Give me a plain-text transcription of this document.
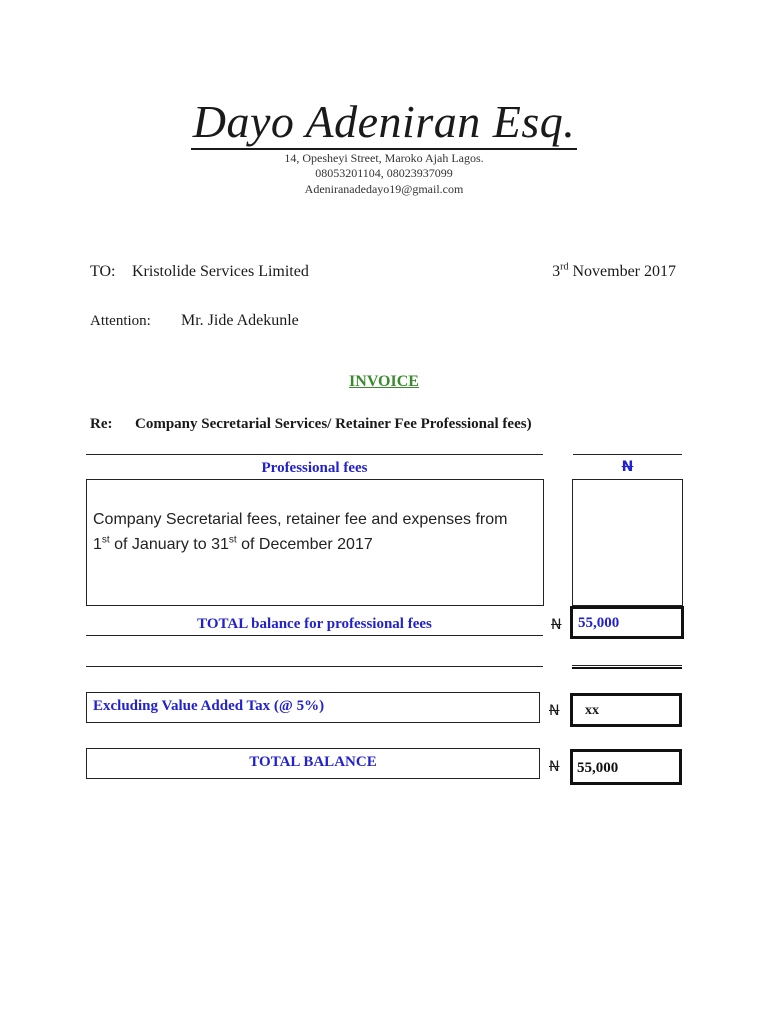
Dayo Adeniran Esq.
14, Opesheyi Street, Maroko Ajah Lagos.
08053201104, 08023937099
Adeniranadedayo19@gmail.com
TO: Kristolide Services Limited	3rd November 2017
Attention: Mr. Jide Adekunle
INVOICE
Re: Company Secretarial Services/ Retainer Fee Professional fees)
Professional fees	N
Company Secretarial fees, retainer fee and expenses from
1st of January to 31st of December 2017
TOTAL balance for professional fees	N 55,000
Excluding Value Added Tax (@ 5%)	N xx
TOTAL BALANCE	N 55,000
